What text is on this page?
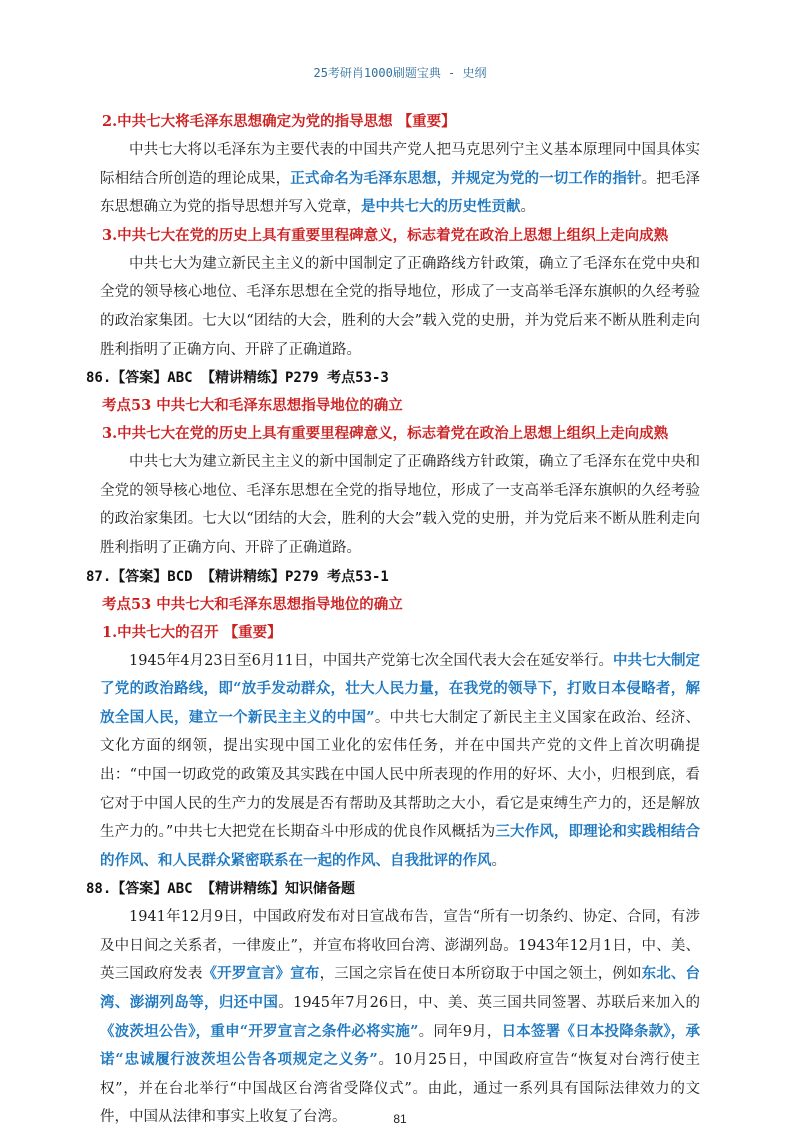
25考研肖1000刷题宝典 - 史纲
2.中共七大将毛泽东思想确定为党的指导思想 【重要】

中共七大将以毛泽东为主要代表的中国共产党人把马克思列宁主义基本原理同中国具体实际相结合所创造的理论成果，正式命名为毛泽东思想，并规定为党的一切工作的指针。把毛泽东思想确立为党的指导思想并写入党章，是中共七大的历史性贡献。

3.中共七大在党的历史上具有重要里程碑意义，标志着党在政治上思想上组织上走向成熟

中共七大为建立新民主主义的新中国制定了正确路线方针政策，确立了毛泽东在党中央和全党的领导核心地位、毛泽东思想在全党的指导地位，形成了一支高举毛泽东旗帜的久经考验的政治家集团。七大以“团结的大会，胜利的大会”载入党的史册，并为党后来不断从胜利走向胜利指明了正确方向、开辟了正确道路。

86.【答案】ABC 【精讲精练】P279 考点53-3
考点53 中共七大和毛泽东思想指导地位的确立
3.中共七大在党的历史上具有重要里程碑意义，标志着党在政治上思想上组织上走向成熟

中共七大为建立新民主主义的新中国制定了正确路线方针政策，确立了毛泽东在党中央和全党的领导核心地位、毛泽东思想在全党的指导地位，形成了一支高举毛泽东旗帜的久经考验的政治家集团。七大以“团结的大会，胜利的大会”载入党的史册，并为党后来不断从胜利走向胜利指明了正确方向、开辟了正确道路。

87.【答案】BCD 【精讲精练】P279 考点53-1
考点53 中共七大和毛泽东思想指导地位的确立
1.中共七大的召开 【重要】

1945年4月23日至6月11日，中国共产党第七次全国代表大会在延安举行。中共七大制定了党的政治路线，即“放手发动群众，壮大人民力量，在我党的领导下，打败日本侵略者，解放全国人民，建立一个新民主主义的中国”。中共七大制定了新民主主义国家在政治、经济、文化方面的纲领，提出实现中国工业化的宏伟任务，并在中国共产党的文件上首次明确提出：“中国一切政党的政策及其实践在中国人民中所表现的作用的好坏、大小，归根到底，看它对于中国人民的生产力的发展是否有帮助及其帮助之大小，看它是束缚生产力的，还是解放生产力的。”中共七大把党在长期奋斗中形成的优良作风概括为三大作风，即理论和实践相结合的作风、和人民群众紧密联系在一起的作风、自我批评的作风。

88.【答案】ABC 【精讲精练】知识储备题

1941年12月9日，中国政府发布对日宣战布告，宣告“所有一切条约、协定、合同，有涉及中日间之关系者，一律废止”，并宣布将收回台湾、澎湖列岛。1943年12月1日，中、美、英三国政府发表《开罗宣言》宣布，三国之宗旨在使日本所窃取于中国之领土，例如东北、台湾、澎湖列岛等，归还中国。1945年7月26日，中、美、英三国共同签署、苏联后来加入的《波茨坦公告》，重申“开罗宣言之条件必将实施”。同年9月，日本签署《日本投降条款》，承诺“忠诚履行波茨坦公告各项规定之义务”。10月25日，中国政府宣告“恢复对台湾行使主权”，并在台北举行“中国战区台湾省受降仪式”。由此，通过一系列具有国际法律效力的文件，中国从法律和事实上收复了台湾。	81
